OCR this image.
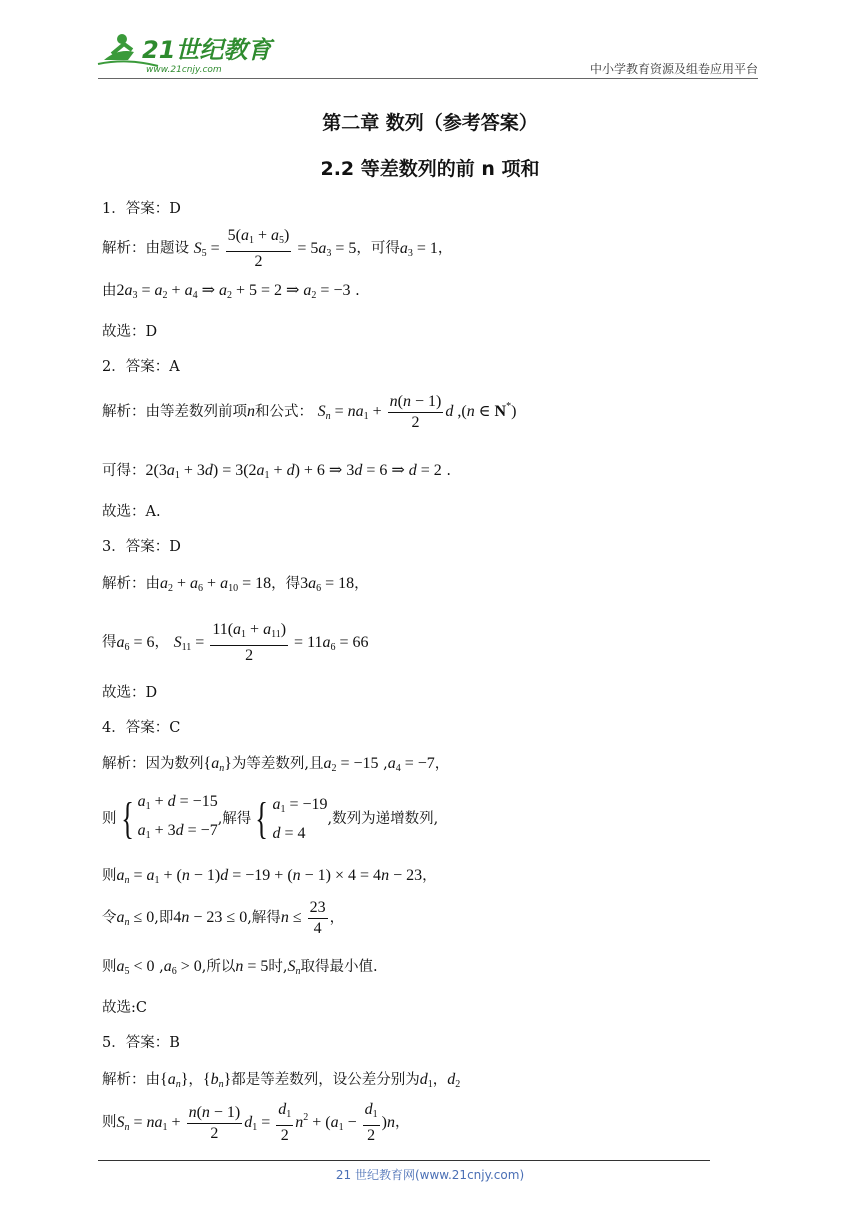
21世纪教育
www.21cnjy.com	中小学教育资源及组卷应用平台
第二章 数列（参考答案）
2.2 等差数列的前 n 项和
1．答案：D
解析：由题设 $S_5 = \frac{5(a_1 + a_5)}{2} = 5a_3 = 5$，可得$a_3 = 1$，
由$2a_3 = a_2 + a_4$ ⇒ $a_2 + 5 = 2$ ⇒ $a_2 = -3$ .
故选：D
2．答案：A
解析：由等差数列前项n和公式： $S_n = na_1 + \frac{n(n - 1)}{2}$ d ,(n ∈ N*)
可得：$2(3a_1 + 3d) = 3(2a_1 + d) + 6$ ⇒ 3d = 6 ⇒ d = 2 .
故选：A.
3．答案：D
解析：由$a_2 + a_6 + a_{10} = 18$，得$3a_6 = 18$，
得$a_6 = 6$， $S_{11} = \frac{11(a_1 + a_{11})}{2} = 11a_6 = 66$
故选：D
4．答案：C
解析：因为数列$\{a_n\}$为等差数列,且$a_2 = -15$ $,a_4 = -7$，
则{ $a_1 + d = -15$
$a_1 + 3d = -7$
,解得{ $a_1 = -19$
d = 4
,数列为递增数列,
则$a_n = a_1 + (n - 1)d = -19 + (n - 1) \times 4 = 4n - 23$，
令$a_n \le 0$,即4n − 23 ≤ 0,解得$n \le \frac{23}{4}$ ，
则$a_5 < 0$ $,a_6 > 0$,所以n = 5时$,S_n$取得最小值.
故选:C
5．答案：B
解析：由$\{a_n\}$，$\{b_n\}$都是等差数列，设公差分别为$d_1$，$d_2$
则$S_n = na_1 + \frac{n(n - 1)}{2} d_1 = \frac{d_1}{2} n^2 + (a_1 - \frac{d_1}{2} )n$，
21 世纪教育网(www.21cnjy.com)
